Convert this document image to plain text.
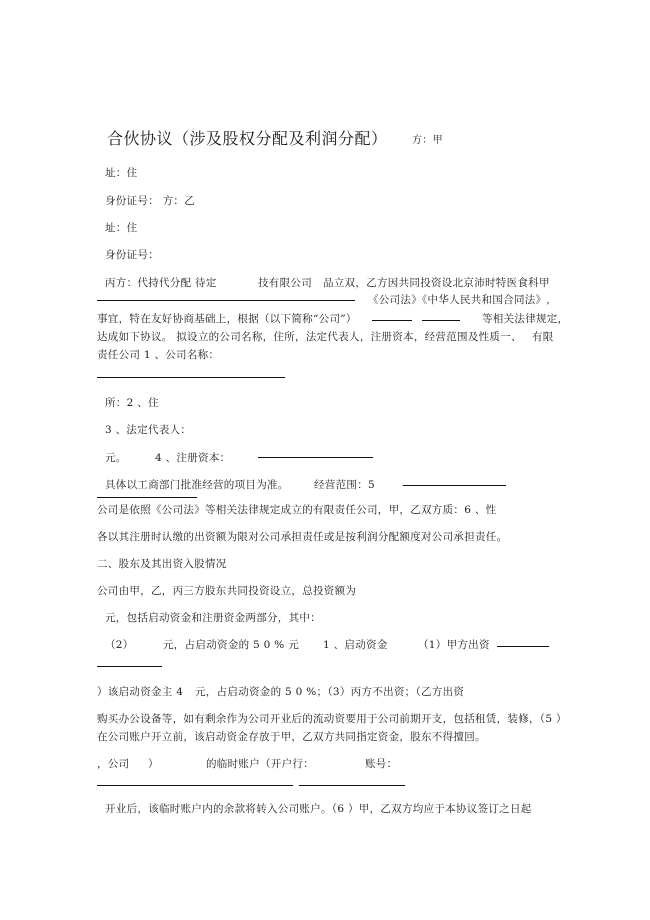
合伙协议（涉及股权分配及利润分配） 方：甲
址：住
身份证号： 方：乙
址：住
身份证号：
丙方：代持代分配 待定	技有限公司 品立双，乙方因共同投资设北京沛时特医食科甲
《公司法》《中华人民共和国合同法》,
事宜，特在友好协商基础上，根据（以下简称“公司”）	等相关法律规定，
达成如下协议。 拟设立的公司名称，住所，法定代表人，注册资本，经营范围及性质一、 有限
责任公司 1 、公司名称：
所：2 、住
3 、法定代表人：
元。	4 、注册资本：
具体以工商部门批准经营的项目为准。 经营范围：5
公司是依照《公司法》等相关法律规定成立的有限责任公司，甲，乙双方质：6 、性
各以其注册时认缴的出资额为限对公司承担责任或是按利润分配额度对公司承担责任。
二、股东及其出资入股情况
公司由甲，乙，丙三方股东共同投资设立，总投资额为
元，包括启动资金和注册资金两部分，其中：
（2）	元，占启动资金的 5 0 % 元 1 、启动资金	（1）甲方出资
）该启动资金主 4 元，占启动资金的 5 0 %；（3）丙方不出资；（乙方出资
购买办公设备等，如有剩余作为公司开业后的流动资要用于公司前期开支，包括租赁，装修，（5 ）
在公司账户开立前，该启动资金存放于甲，乙双方共同指定资金，股东不得擅回。
，公司 ）	的临时账户（开户行：	账号：
开业后，该临时账户内的余款将转入公司账户。（6 ）甲，乙双方均应于本协议签订之日起
